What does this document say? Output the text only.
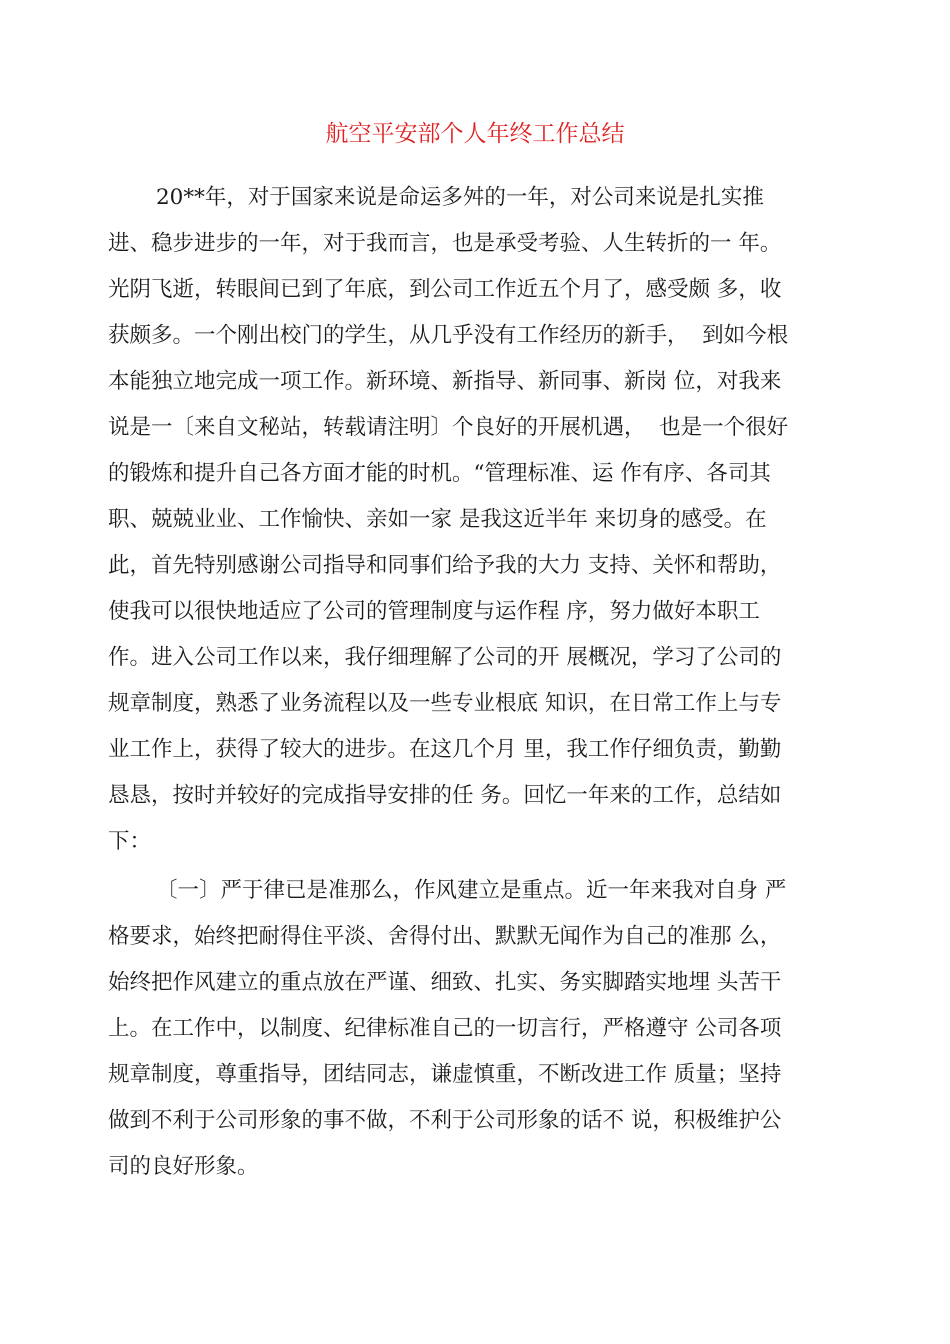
航空平安部个人年终工作总结
20**年，对于国家来说是命运多舛的一年，对公司来说是扎实推
进、稳步进步的一年，对于我而言，也是承受考验、人生转折的一 年。
光阴飞逝，转眼间已到了年底，到公司工作近五个月了，感受颇 多，收
获颇多。一个刚出校门的学生，从几乎没有工作经历的新手，  到如今根
本能独立地完成一项工作。新环境、新指导、新同事、新岗 位，对我来
说是一〔来自文秘站，转载请注明〕个良好的开展机遇，  也是一个很好
的锻炼和提升自己各方面才能的时机。“管理标准、运 作有序、各司其
职、兢兢业业、工作愉快、亲如一家 是我这近半年 来切身的感受。在
此，首先特别感谢公司指导和同事们给予我的大力 支持、关怀和帮助，
使我可以很快地适应了公司的管理制度与运作程 序，努力做好本职工
作。进入公司工作以来，我仔细理解了公司的开 展概况，学习了公司的
规章制度，熟悉了业务流程以及一些专业根底 知识，在日常工作上与专
业工作上，获得了较大的进步。在这几个月 里，我工作仔细负责，勤勤
恳恳，按时并较好的完成指导安排的任 务。回忆一年来的工作，总结如
下：
〔一〕严于律已是准那么，作风建立是重点。近一年来我对自身 严
格要求，始终把耐得住平淡、舍得付出、默默无闻作为自己的准那 么，
始终把作风建立的重点放在严谨、细致、扎实、务实脚踏实地埋 头苦干
上。在工作中，以制度、纪律标准自己的一切言行，严格遵守 公司各项
规章制度，尊重指导，团结同志，谦虚慎重，不断改进工作 质量；坚持
做到不利于公司形象的事不做，不利于公司形象的话不 说，积极维护公
司的良好形象。
